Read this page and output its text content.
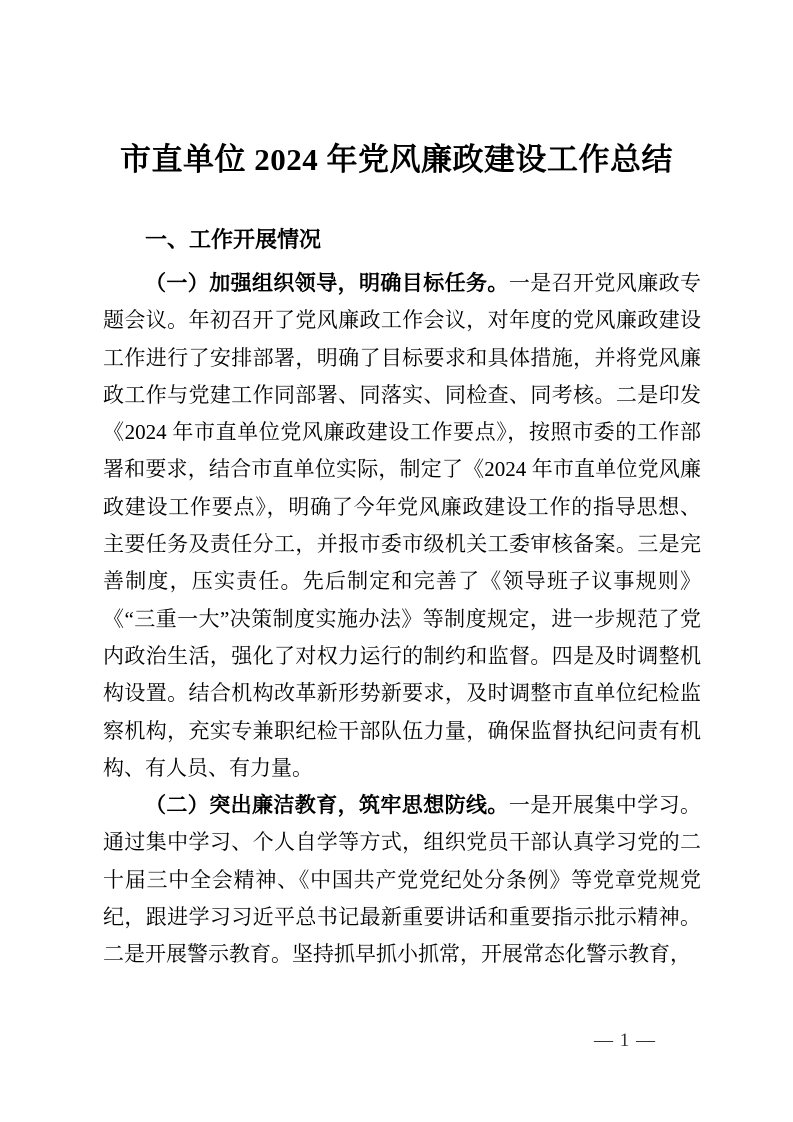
市直单位 2024 年党风廉政建设工作总结
一、工作开展情况

（一）加强组织领导，明确目标任务。一是召开党风廉政专题会议。年初召开了党风廉政工作会议，对年度的党风廉政建设工作进行了安排部署，明确了目标要求和具体措施，并将党风廉政工作与党建工作同部署、同落实、同检查、同考核。二是印发《2024 年市直单位党风廉政建设工作要点》，按照市委的工作部署和要求，结合市直单位实际，制定了《2024 年市直单位党风廉政建设工作要点》，明确了今年党风廉政建设工作的指导思想、主要任务及责任分工，并报市委市级机关工委审核备案。三是完善制度，压实责任。先后制定和完善了《领导班子议事规则》《“三重一大”决策制度实施办法》等制度规定，进一步规范了党内政治生活，强化了对权力运行的制约和监督。四是及时调整机构设置。结合机构改革新形势新要求，及时调整市直单位纪检监察机构，充实专兼职纪检干部队伍力量，确保监督执纪问责有机构、有人员、有力量。

（二）突出廉洁教育，筑牢思想防线。一是开展集中学习。通过集中学习、个人自学等方式，组织党员干部认真学习党的二十届三中全会精神、《中国共产党党纪处分条例》等党章党规党纪，跟进学习习近平总书记最新重要讲话和重要指示批示精神。二是开展警示教育。坚持抓早抓小抓常，开展常态化警示教育，

— 1 —
